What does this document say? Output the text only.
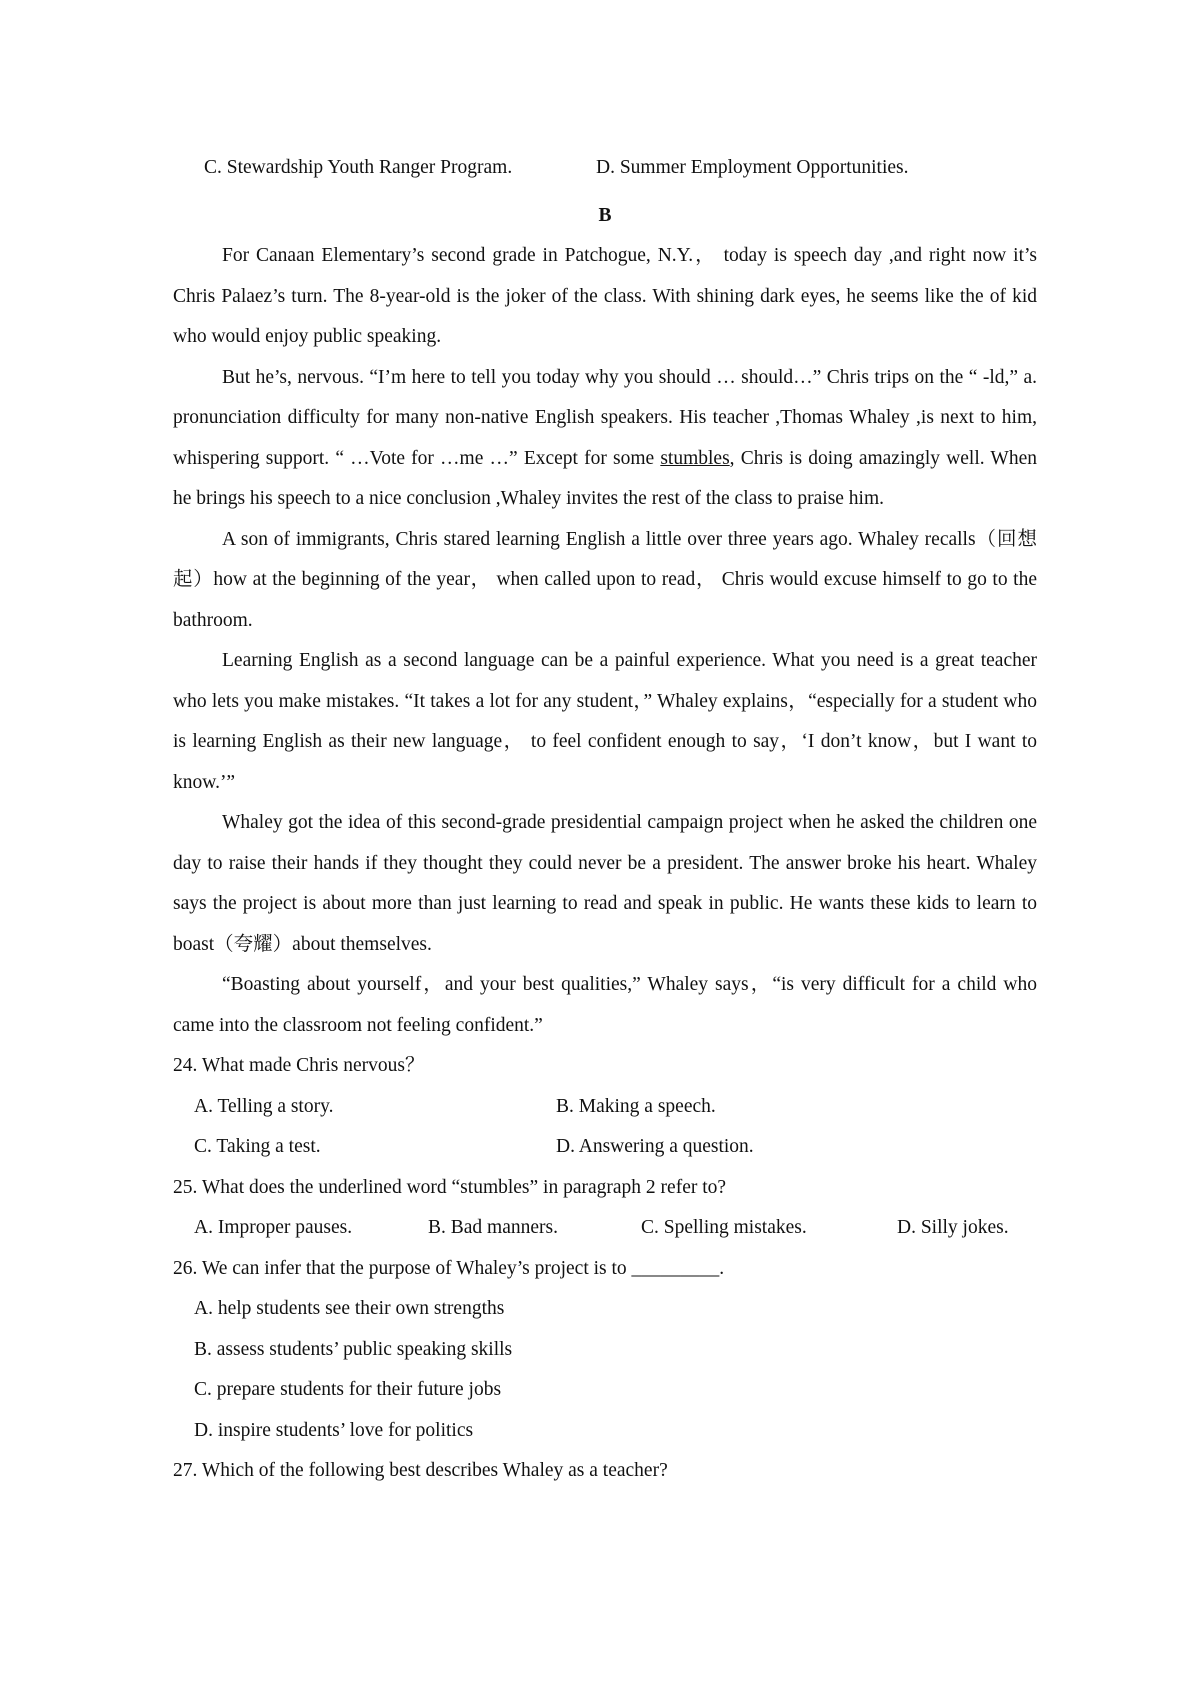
C. Stewardship Youth Ranger Program.	D. Summer Employment Opportunities.
B

For Canaan Elementary’s second grade in Patchogue, N.Y.， today is speech day ,and right now it’s Chris Palaez’s turn. The 8-year-old is the joker of the class. With shining dark eyes, he seems like the of kid who would enjoy public speaking.

But he’s, nervous. “I’m here to tell you today why you should … should…” Chris trips on the “ -ld,” a. pronunciation difficulty for many non-native English speakers. His teacher ,Thomas Whaley ,is next to him, whispering support. “ …Vote for …me …” Except for some stumbles, Chris is doing amazingly well. When he brings his speech to a nice conclusion ,Whaley invites the rest of the class to praise him.

A son of immigrants, Chris stared learning English a little over three years ago. Whaley recalls（回想起）how at the beginning of the year， when called upon to read， Chris would excuse himself to go to the bathroom.

Learning English as a second language can be a painful experience. What you need is a great teacher who lets you make mistakes. “It takes a lot for any student，” Whaley explains，“especially for a student who is learning English as their new language， to feel confident enough to say，‘I don’t know，but I want to know.’”

Whaley got the idea of this second-grade presidential campaign project when he asked the children one day to raise their hands if they thought they could never be a president. The answer broke his heart. Whaley says the project is about more than just learning to read and speak in public. He wants these kids to learn to boast（夸耀）about themselves.

“Boasting about yourself，and your best qualities,” Whaley says，“is very difficult for a child who came into the classroom not feeling confident.”

24. What made Chris nervous？

A. Telling a story.	B. Making a speech.
C. Taking a test.	D. Answering a question.

25. What does the underlined word “stumbles” in paragraph 2 refer to?

A. Improper pauses.	B. Bad manners.	C. Spelling mistakes.	D. Silly jokes.

26. We can infer that the purpose of Whaley’s project is to _________.

A. help students see their own strengths
B. assess students’ public speaking skills
C. prepare students for their future jobs
D. inspire students’ love for politics

27. Which of the following best describes Whaley as a teacher?
